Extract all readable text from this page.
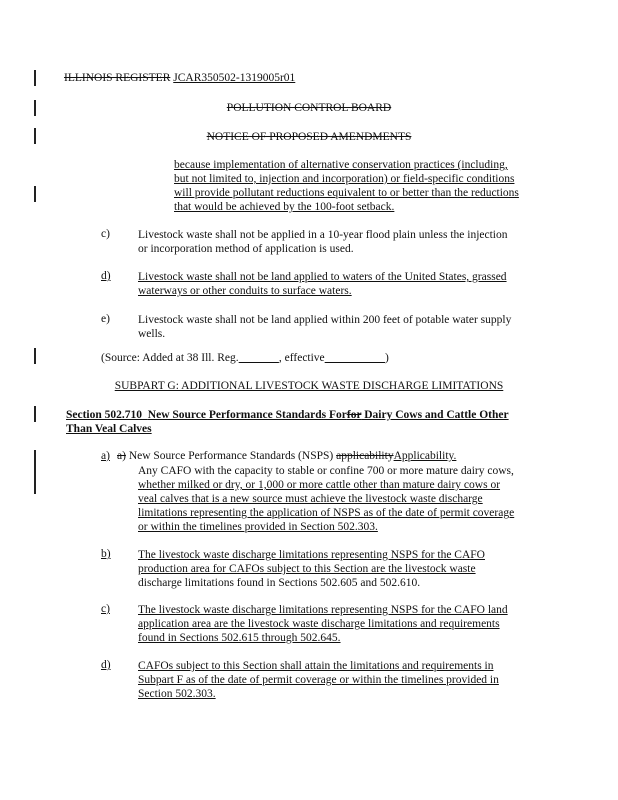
ILLINOIS REGISTER JCAR350502-1319005r01
POLLUTION CONTROL BOARD
NOTICE OF PROPOSED AMENDMENTS
because implementation of alternative conservation practices (including,
but not limited to, injection and incorporation) or field-specific conditions
will provide pollutant reductions equivalent to or better than the reductions
that would be achieved by the 100-foot setback.
c) Livestock waste shall not be applied in a 10-year flood plain unless the injection
or incorporation method of application is used.
d) Livestock waste shall not be land applied to waters of the United States, grassed
waterways or other conduits to surface waters.
e) Livestock waste shall not be land applied within 200 feet of potable water supply
wells.
(Source: Added at 38 Ill. Reg. ______ , effective __________)
SUBPART G: ADDITIONAL LIVESTOCK WASTE DISCHARGE LIMITATIONS
Section 502.710 New Source Performance Standards Forfor Dairy Cows and Cattle Other
Than Veal Calves
a) a) New Source Performance Standards (NSPS) applicabilityApplicability.
Any CAFO with the capacity to stable or confine 700 or more mature dairy cows,
whether milked or dry, or 1,000 or more cattle other than mature dairy cows or
veal calves that is a new source must achieve the livestock waste discharge
limitations representing the application of NSPS as of the date of permit coverage
or within the timelines provided in Section 502.303.
b) The livestock waste discharge limitations representing NSPS for the CAFO
production area for CAFOs subject to this Section are the livestock waste
discharge limitations found in Sections 502.605 and 502.610.
c) The livestock waste discharge limitations representing NSPS for the CAFO land
application area are the livestock waste discharge limitations and requirements
found in Sections 502.615 through 502.645.
d) CAFOs subject to this Section shall attain the limitations and requirements in
Subpart F as of the date of permit coverage or within the timelines provided in
Section 502.303.
